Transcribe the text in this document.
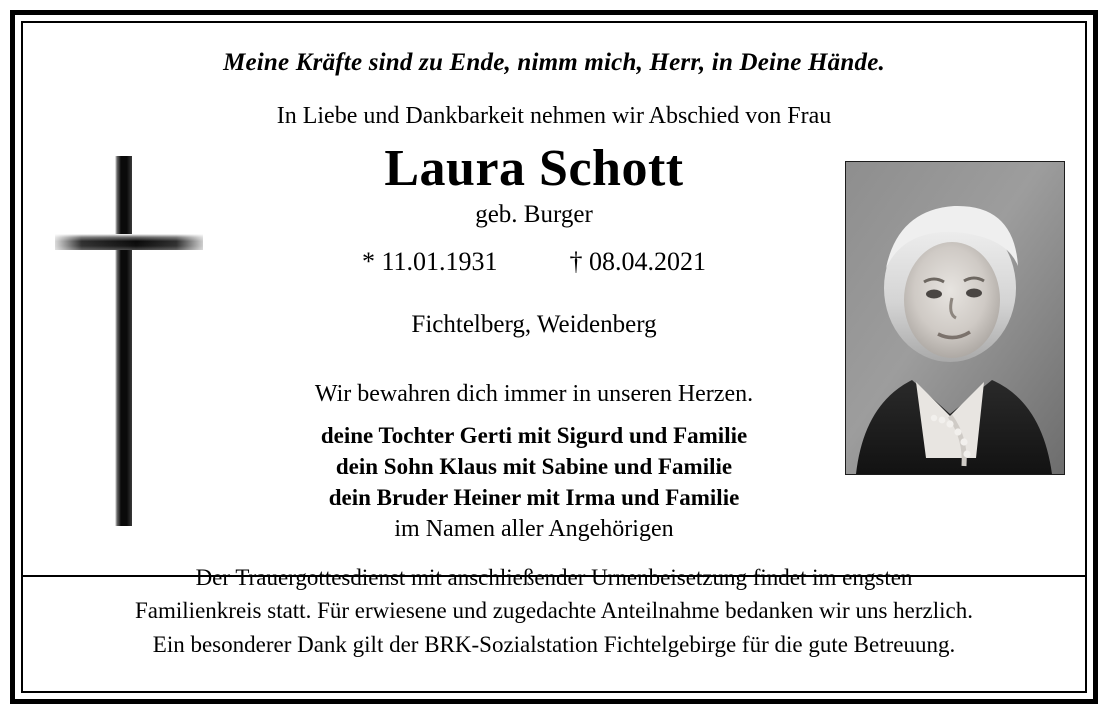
Meine Kräfte sind zu Ende, nimm mich, Herr, in Deine Hände.
In Liebe und Dankbarkeit nehmen wir Abschied von Frau
Laura Schott
geb. Burger
* 11.01.1931	† 08.04.2021
Fichtelberg, Weidenberg
Wir bewahren dich immer in unseren Herzen.
deine Tochter Gerti mit Sigurd und Familie
dein Sohn Klaus mit Sabine und Familie
dein Bruder Heiner mit Irma und Familie
im Namen aller Angehörigen
Der Trauergottesdienst mit anschließender Urnenbeisetzung findet im engsten
Familienkreis statt. Für erwiesene und zugedachte Anteilnahme bedanken wir uns herzlich.
Ein besonderer Dank gilt der BRK-Sozialstation Fichtelgebirge für die gute Betreuung.
